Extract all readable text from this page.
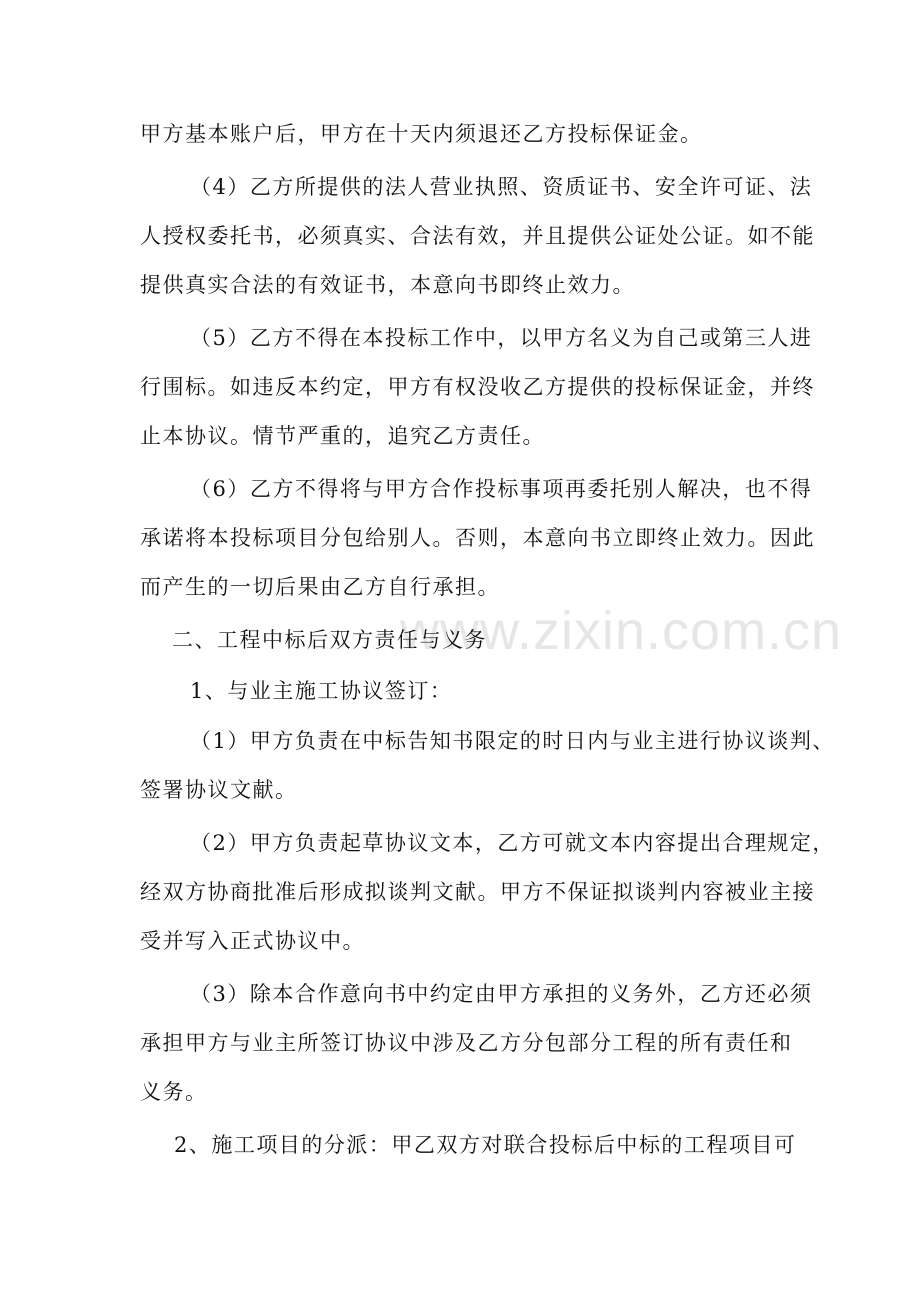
www.zixin.com.cn
甲方基本账户后，甲方在十天内须退还乙方投标保证金。
（4）乙方所提供的法人营业执照、资质证书、安全许可证、法
人授权委托书，必须真实、合法有效，并且提供公证处公证。如不能
提供真实合法的有效证书，本意向书即终止效力。
（5）乙方不得在本投标工作中，以甲方名义为自己或第三人进
行围标。如违反本约定，甲方有权没收乙方提供的投标保证金，并终
止本协议。情节严重的，追究乙方责任。
（6）乙方不得将与甲方合作投标事项再委托别人解决，也不得
承诺将本投标项目分包给别人。否则，本意向书立即终止效力。因此
而产生的一切后果由乙方自行承担。
二、工程中标后双方责任与义务
1、与业主施工协议签订：
（1）甲方负责在中标告知书限定的时日内与业主进行协议谈判、
签署协议文献。
（2）甲方负责起草协议文本，乙方可就文本内容提出合理规定，
经双方协商批准后形成拟谈判文献。甲方不保证拟谈判内容被业主接
受并写入正式协议中。
（3）除本合作意向书中约定由甲方承担的义务外，乙方还必须
承担甲方与业主所签订协议中涉及乙方分包部分工程的所有责任和
义务。
2、施工项目的分派：甲乙双方对联合投标后中标的工程项目可
